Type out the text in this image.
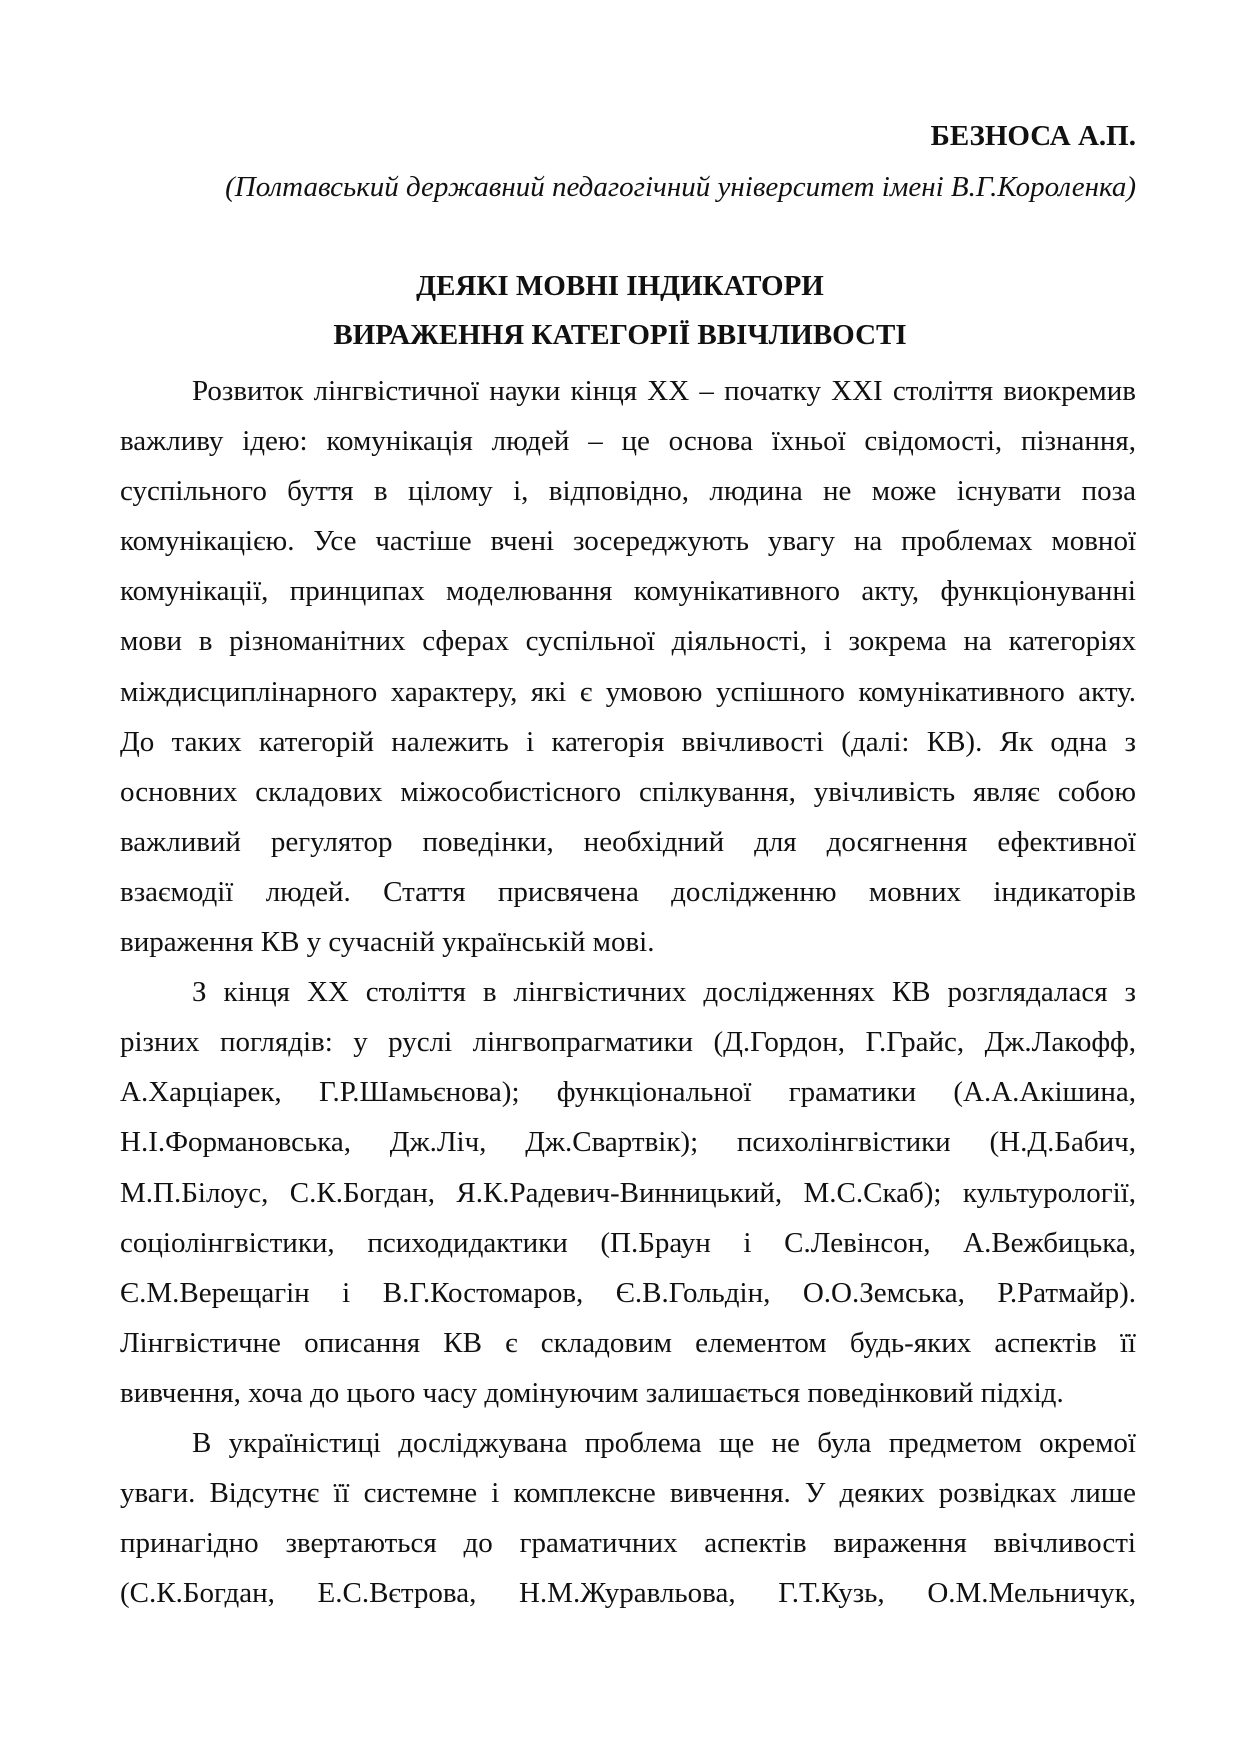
БЕЗНОСА А.П.
(Полтавський державний педагогічний університет імені В.Г.Короленка)
ДЕЯКІ МОВНІ ІНДИКАТОРИ
ВИРАЖЕННЯ КАТЕГОРІЇ ВВІЧЛИВОСТІ
Розвиток лінгвістичної науки кінця XX – початку XXI століття виокремив
важливу ідею: комунікація людей – це основа їхньої свідомості, пізнання,
суспільного буття в цілому і, відповідно, людина не може існувати поза
комунікацією. Усе частіше вчені зосереджують увагу на проблемах мовної
комунікації, принципах моделювання комунікативного акту, функціонуванні
мови в різноманітних сферах суспільної діяльності, і зокрема на категоріях
міждисциплінарного характеру, які є умовою успішного комунікативного акту.
До таких категорій належить і категорія ввічливості (далі: КВ). Як одна з
основних складових міжособистісного спілкування, увічливість являє собою
важливий регулятор поведінки, необхідний для досягнення ефективної
взаємодії людей. Стаття присвячена дослідженню мовних індикаторів
вираження КВ у сучасній українській мові.
З кінця XX століття в лінгвістичних дослідженнях КВ розглядалася з
різних поглядів: у руслі лінгвопрагматики (Д.Гордон, Г.Грайс, Дж.Лакофф,
А.Харціарек, Г.Р.Шамьєнова); функціональної граматики (А.А.Акішина,
Н.І.Формановська, Дж.Ліч, Дж.Свартвік); психолінгвістики (Н.Д.Бабич,
М.П.Білоус, С.К.Богдан, Я.К.Радевич-Винницький, М.С.Скаб); культурології,
соціолінгвістики, психодидактики (П.Браун і С.Левінсон, А.Вежбицька,
Є.М.Верещагін і В.Г.Костомаров, Є.В.Гольдін, О.О.Земська, Р.Ратмайр).
Лінгвістичне описання КВ є складовим елементом будь-яких аспектів її
вивчення, хоча до цього часу домінуючим залишається поведінковий підхід.
В україністиці досліджувана проблема ще не була предметом окремої
уваги. Відсутнє її системне і комплексне вивчення. У деяких розвідках лише
принагідно звертаються до граматичних аспектів вираження ввічливості
(С.К.Богдан, Е.С.Вєтрова, Н.М.Журавльова, Г.Т.Кузь, О.М.Мельничук,
